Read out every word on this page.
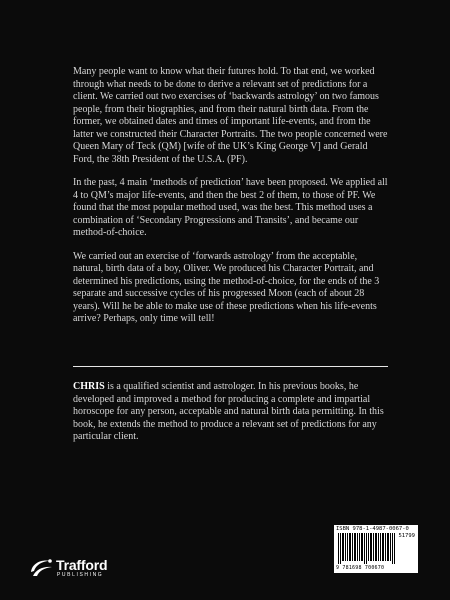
Many people want to know what their futures hold. To that end, we worked through what needs to be done to derive a relevant set of predictions for a client. We carried out two exercises of ‘backwards astrology’ on two famous people, from their biographies, and from their natural birth data. From the former, we obtained dates and times of important life-events, and from the latter we constructed their Character Portraits. The two people concerned were Queen Mary of Teck (QM) [wife of the UK’s King George V] and Gerald Ford, the 38th President of the U.S.A. (PF).

In the past, 4 main ‘methods of prediction’ have been proposed. We applied all 4 to QM’s major life-events, and then the best 2 of them, to those of PF. We found that the most popular method used, was the best. This method uses a combination of ‘Secondary Progressions and Transits’, and became our method-of-choice.

We carried out an exercise of ‘forwards astrology’ from the acceptable, natural, birth data of a boy, Oliver. We produced his Character Portrait, and determined his predictions, using the method-of-choice, for the ends of the 3 separate and successive cycles of his progressed Moon (each of about 28 years). Will he be able to make use of these predictions when his life-events arrive? Perhaps, only time will tell!

CHRIS is a qualified scientist and astrologer. In his previous books, he developed and improved a method for producing a complete and impartial horoscope for any person, acceptable and natural birth data permitting. In this book, he extends the method to produce a relevant set of predictions for any particular client.
ISBN 978-1-4987-0067-0
51799
9 781698 700670
Trafford
PUBLISHING
